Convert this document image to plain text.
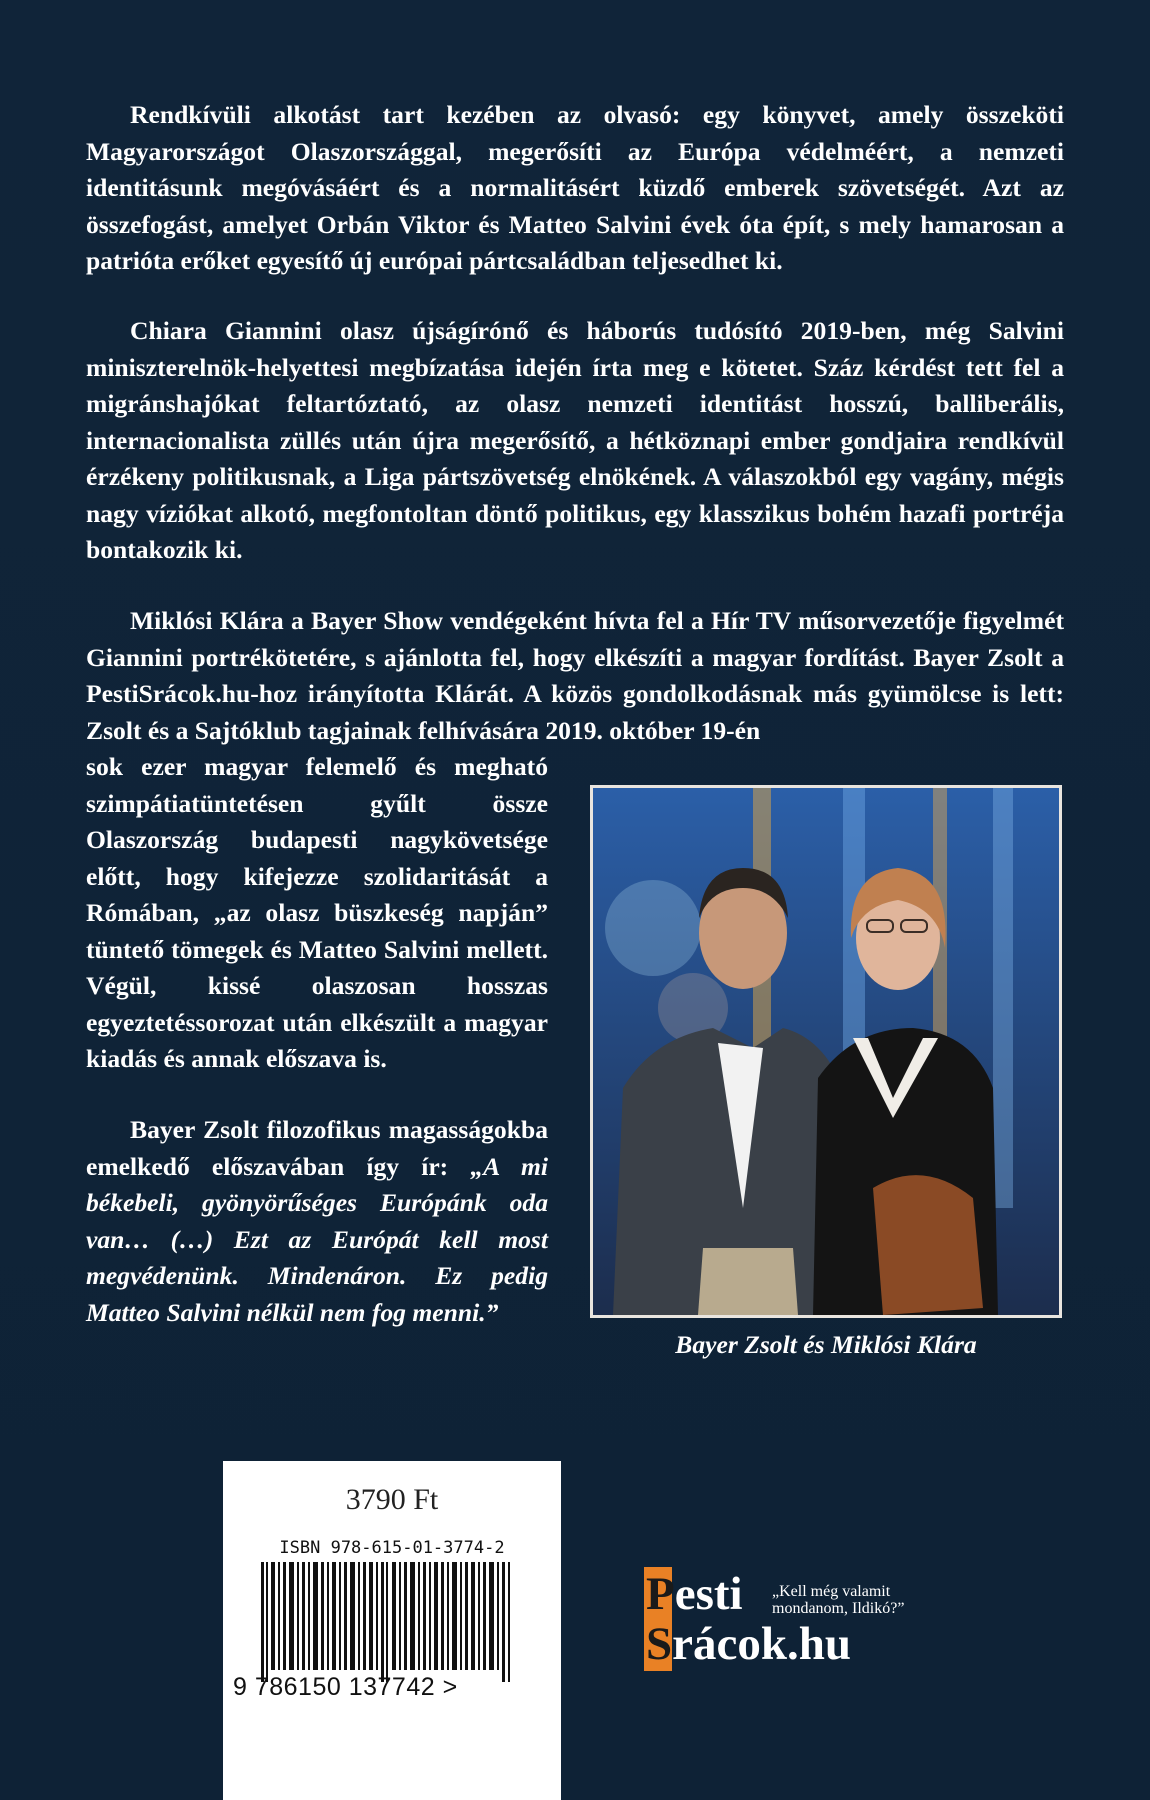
Rendkívüli alkotást tart kezében az olvasó: egy könyvet, amely összeköti Magyarországot Olaszországgal, megerősíti az Európa védelméért, a nemzeti identitásunk megóvásáért és a normalitásért küzdő emberek szövetségét. Azt az összefogást, amelyet Orbán Viktor és Matteo Salvini évek óta épít, s mely hamarosan a patrióta erőket egyesítő új európai pártcsaládban teljesedhet ki.

Chiara Giannini olasz újságírónő és háborús tudósító 2019-ben, még Salvini miniszterelnök-helyettesi megbízatása idején írta meg e kötetet. Száz kérdést tett fel a migránshajókat feltartóztató, az olasz nemzeti identitást hosszú, balliberális, internacionalista züllés után újra megerősítő, a hétköznapi ember gondjaira rendkívül érzékeny politikusnak, a Liga pártszövetség elnökének. A válaszokból egy vagány, mégis nagy víziókat alkotó, megfontoltan döntő politikus, egy klasszikus bohém hazafi portréja bontakozik ki.

Miklósi Klára a Bayer Show vendégeként hívta fel a Hír TV műsorvezetője figyelmét Giannini portrékötetére, s ajánlotta fel, hogy elkészíti a magyar fordítást. Bayer Zsolt a PestiSrácok.hu-hoz irányította Klárát. A közös gondolkodásnak más gyümölcse is lett: Zsolt és a Sajtóklub tagjainak felhívására 2019. október 19-én

sok ezer magyar felemelő és megható szimpátiatüntetésen gyűlt össze Olaszország budapesti nagykövetsége előtt, hogy kifejezze szolidaritását a Rómában, „az olasz büszkeség napján” tüntető tömegek és Matteo Salvini mellett. Végül, kissé olaszosan hosszas egyeztetéssorozat után elkészült a magyar kiadás és annak előszava is.

Bayer Zsolt filozofikus magasságokba emelkedő előszavában így ír: „A mi békebeli, gyönyörűséges Európánk oda van… (…) Ezt az Európát kell most megvédenünk. Mindenáron. Ez pedig Matteo Salvini nélkül nem fog menni.”

Bayer Zsolt és Miklósi Klára
3790 Ft
ISBN 978-615-01-3774-2
9 786150 137742 >
Pesti
Srácok.hu
„Kell még valamit mondanom, Ildikó?”
